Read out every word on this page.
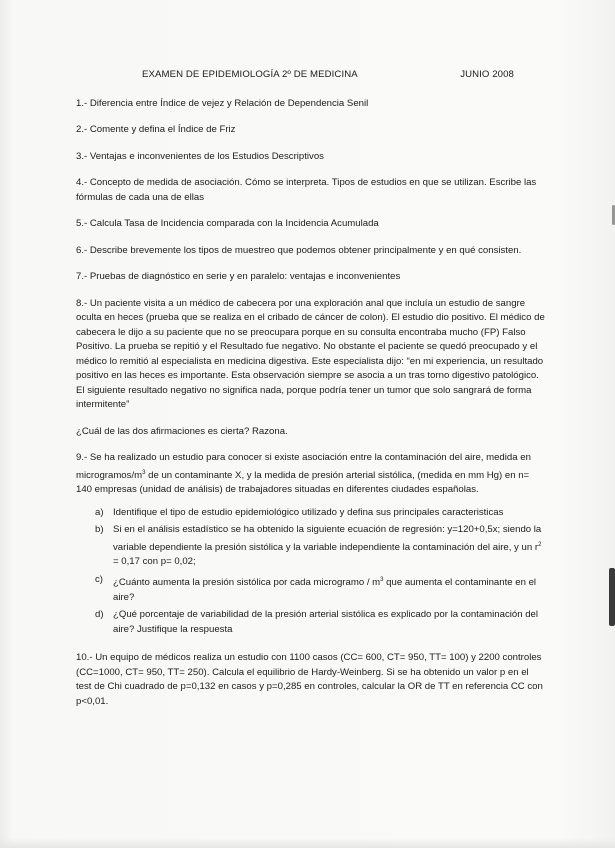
EXAMEN DE EPIDEMIOLOGÍA 2º DE MEDICINA	JUNIO 2008

1.- Diferencia entre Índice de vejez y Relación de Dependencia Senil

2.- Comente y defina el Índice de Friz

3.- Ventajas e inconvenientes de los Estudios Descriptivos

4.- Concepto de medida de asociación. Cómo se interpreta. Tipos de estudios en que se utilizan. Escribe las fórmulas de cada una de ellas

5.- Calcula Tasa de Incidencia comparada con la Incidencia Acumulada

6.- Describe brevemente los tipos de muestreo que podemos obtener principalmente y en qué consisten.

7.- Pruebas de diagnóstico en serie y en paralelo: ventajas e inconvenientes

8.- Un paciente visita a un médico de cabecera por una exploración anal que incluía un estudio de sangre oculta en heces (prueba que se realiza en el cribado de cáncer de colon). El estudio dio positivo. El médico de cabecera le dijo a su paciente que no se preocupara porque en su consulta encontraba mucho (FP) Falso Positivo. La prueba se repitió y el Resultado fue negativo. No obstante el paciente se quedó preocupado y el médico lo remitió al especialista en medicina digestiva. Este especialista dijo: “en mi experiencia, un resultado positivo en las heces es importante. Esta observación siempre se asocia a un tras torno digestivo patológico. El siguiente resultado negativo no significa nada, porque podría tener un tumor que solo sangrará de forma intermitente”

¿Cuál de las dos afirmaciones es cierta? Razona.

9.- Se ha realizado un estudio para conocer si existe asociación entre la contaminación del aire, medida en microgramos/$m^3$ de un contaminante X, y la medida de presión arterial sistólica, (medida en mm Hg) en n= 140 empresas (unidad de análisis) de trabajadores situadas en diferentes ciudades españolas.

a) Identifique el tipo de estudio epidemiológico utilizado y defina sus principales caracteristicas
b) Si en el análisis estadístico se ha obtenido la siguiente ecuación de regresión: y=120+0,5x; siendo la variable dependiente la presión sistólica y la variable independiente la contaminación del aire, y un $r^2 = 0,17$ con p= 0,02;
c)	¿Cuánto aumenta la presión sistólica por cada microgramo / $m^3$ que aumenta el contaminante en el aire?
d) ¿Qué porcentaje de variabilidad de la presión arterial sistólica es explicado por la contaminación del aire? Justifique la respuesta

10.- Un equipo de médicos realiza un estudio con 1100 casos (CC= 600, CT= 950, TT= 100) y 2200 controles (CC=1000, CT= 950, TT= 250). Calcula el equilibrio de Hardy-Weinberg. Si se ha obtenido un valor p en el test de Chi cuadrado de p=0,132 en casos y p=0,285 en controles, calcular la OR de TT en referencia CC con p<0,01.
